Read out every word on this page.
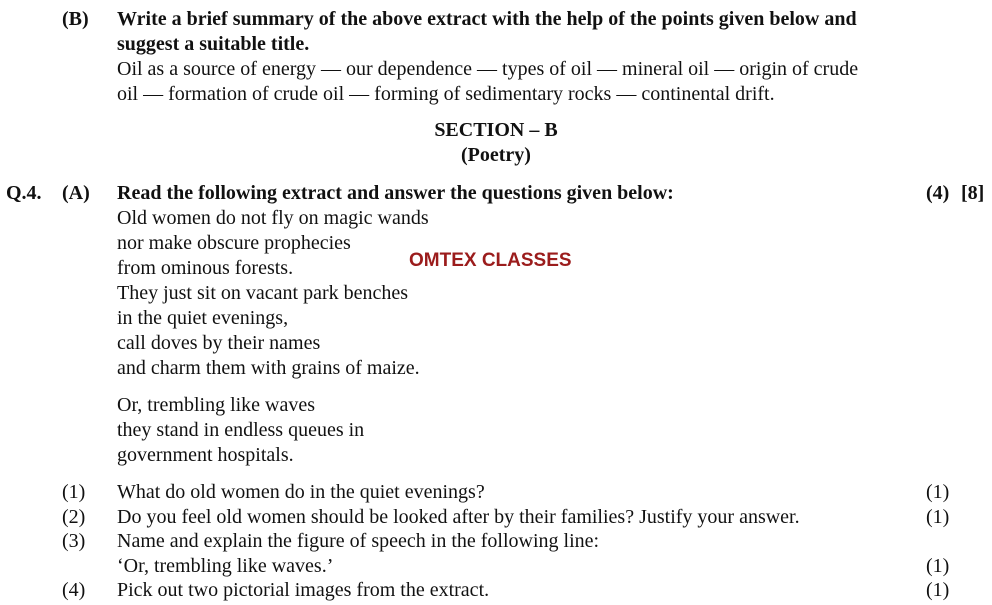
(B) Write a brief summary of the above extract with the help of the points given below and
suggest a suitable title.
Oil as a source of energy — our dependence — types of oil — mineral oil — origin of crude
oil — formation of crude oil — forming of sedimentary rocks — continental drift.
SECTION – B
(Poetry)
Q.4. (A) Read the following extract and answer the questions given below:	(4) [8]
Old women do not fly on magic wands
nor make obscure prophecies
from ominous forests.
They just sit on vacant park benches
in the quiet evenings,
call doves by their names
and charm them with grains of maize.
OMTEX CLASSES
Or, trembling like waves
they stand in endless queues in
government hospitals.
(1) What do old women do in the quiet evenings?	(1)
(2) Do you feel old women should be looked after by their families? Justify your answer.	(1)
(3) Name and explain the figure of speech in the following line:
‘Or, trembling like waves.’	(1)
(4) Pick out two pictorial images from the extract.	(1)
